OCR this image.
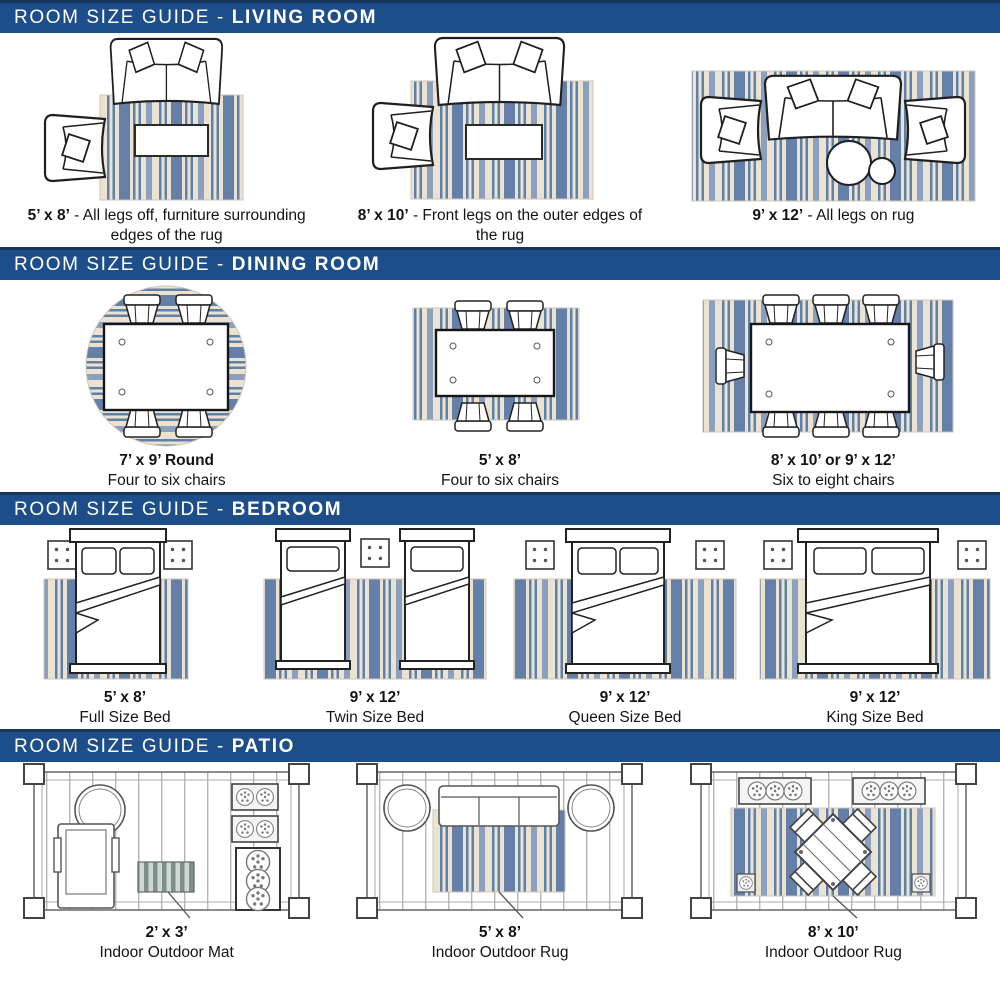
ROOM SIZE GUIDE - LIVING ROOM
5’ x 8’ - All legs off, furniture surrounding edges of the rug
8’ x 10’ - Front legs on the outer edges of the rug
9’ x 12’ - All legs on rug
ROOM SIZE GUIDE - DINING ROOM
7’ x 9’ Round
Four to six chairs
5’ x 8’
Four to six chairs
8’ x 10’ or 9’ x 12’
Six to eight chairs
ROOM SIZE GUIDE - BEDROOM
5’ x 8’
Full Size Bed
9’ x 12’
Twin Size Bed
9’ x 12’
Queen Size Bed
9’ x 12’
King Size Bed
ROOM SIZE GUIDE - PATIO
2’ x 3’
Indoor Outdoor Mat
5’ x 8’
Indoor Outdoor Rug
8’ x 10’
Indoor Outdoor Rug
